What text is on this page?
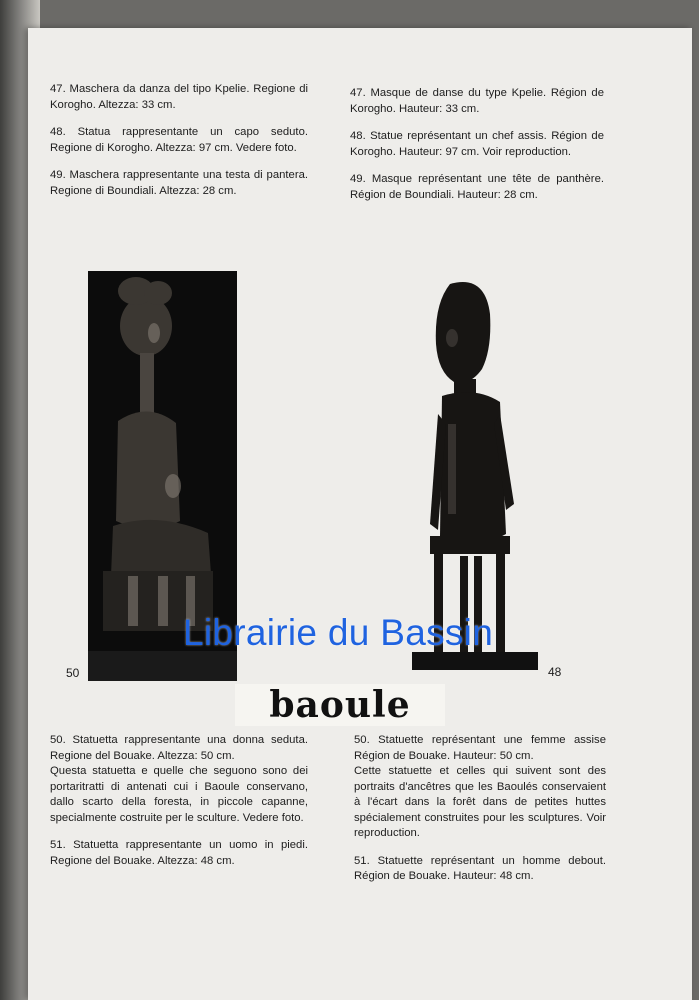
47. Maschera da danza del tipo Kpelie. Regione di Korogho. Altezza: 33 cm.

48. Statua rappresentante un capo seduto. Regione di Korogho. Altezza: 97 cm. Vedere foto.

49. Maschera rappresentante una testa di pantera. Regione di Boundiali. Altezza: 28 cm.

47. Masque de danse du type Kpelie. Région de Korogho. Hauteur: 33 cm.

48. Statue représentant un chef assis. Région de Korogho. Hauteur: 97 cm. Voir reproduction.

49. Masque représentant une tête de panthère. Région de Boundiali. Hauteur: 28 cm.

50	48
baoule

50. Statuetta rappresentante una donna seduta. Regione del Bouake. Altezza: 50 cm.

Questa statuetta e quelle che seguono sono dei portaritratti di antenati cui i Baoule conservano, dallo scarto della foresta, in piccole capanne, specialmente costruite per le sculture. Vedere foto.

51. Statuetta rappresentante un uomo in piedi. Regione del Bouake. Altezza: 48 cm.

50. Statuette représentant une femme assise Région de Bouake. Hauteur: 50 cm.

Cette statuette et celles qui suivent sont des portraits d'ancêtres que les Baoulés conservaient à l'écart dans la forêt dans de petites huttes spécialement construites pour les sculptures. Voir reproduction.

51. Statuette représentant un homme debout. Région de Bouake. Hauteur: 48 cm.

Librairie du Bassin
